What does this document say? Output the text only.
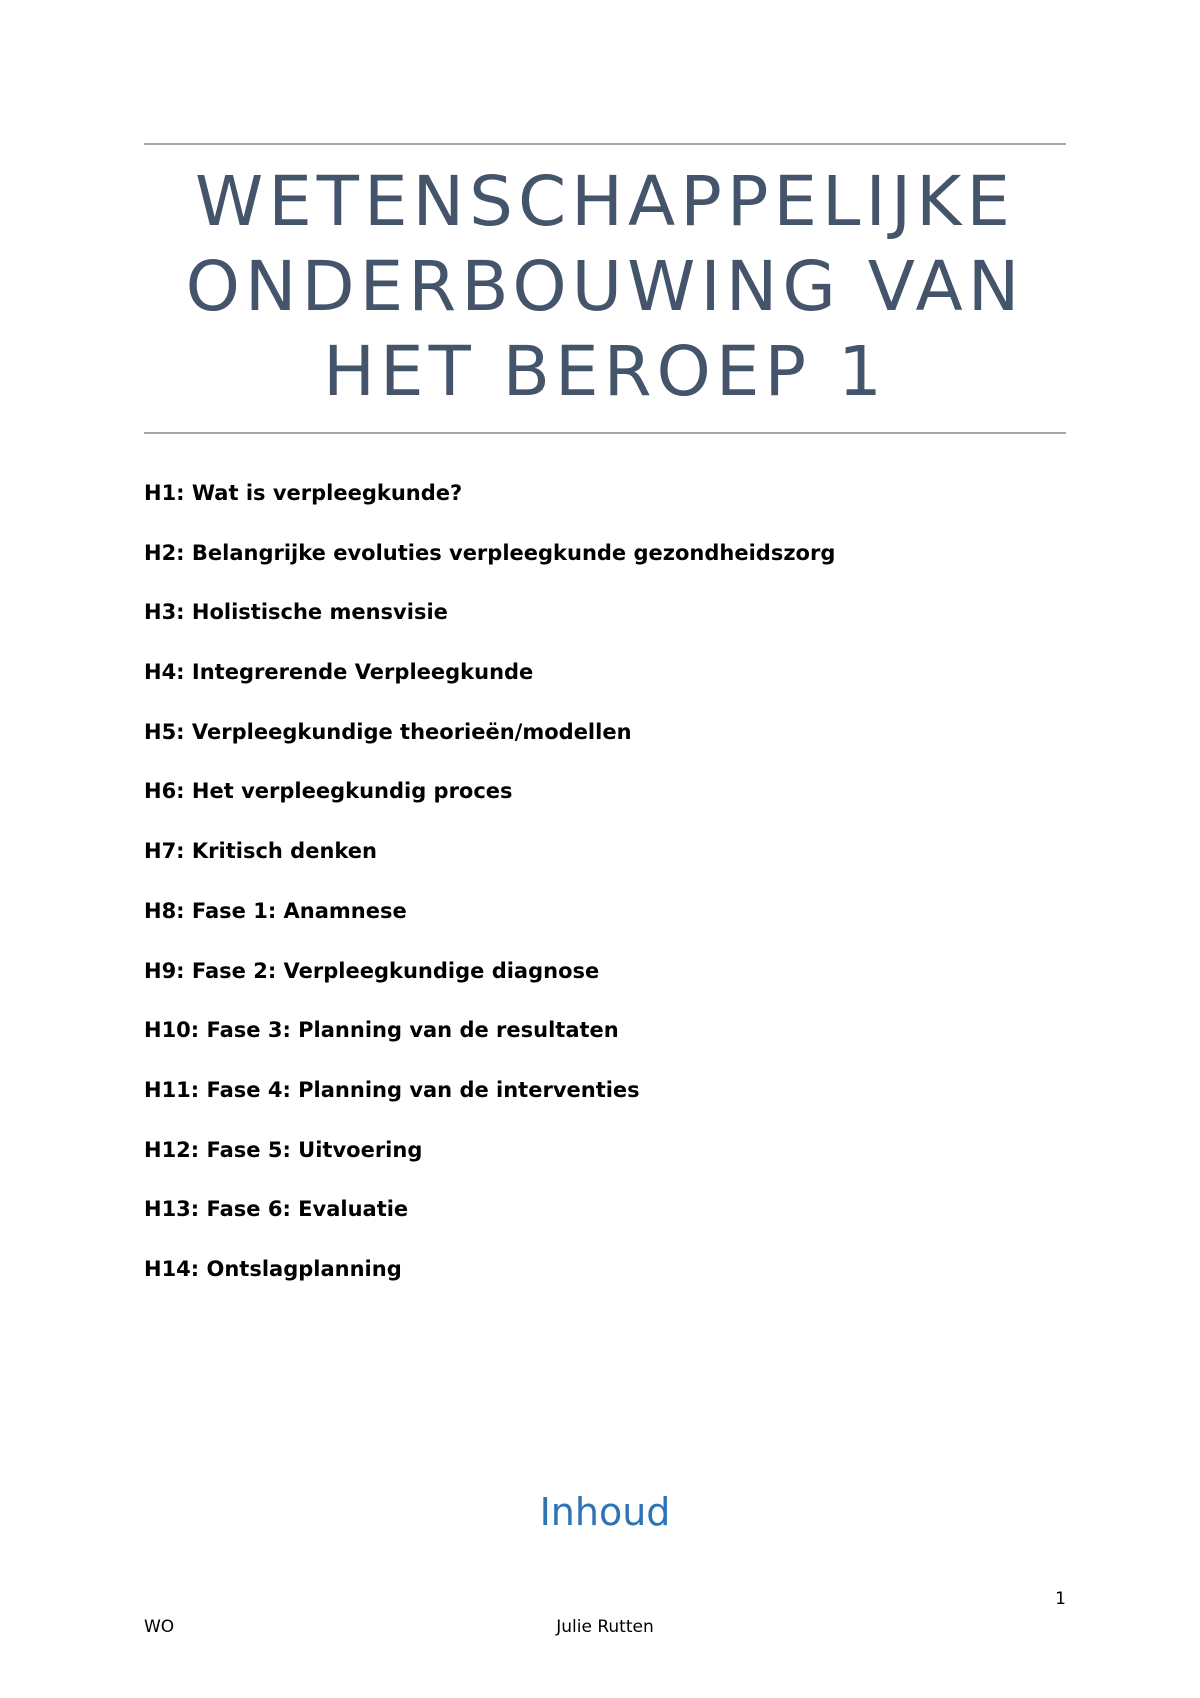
WETENSCHAPPELIJKE
ONDERBOUWING VAN
HET BEROEP 1
H1: Wat is verpleegkunde?
H2: Belangrijke evoluties verpleegkunde gezondheidszorg
H3: Holistische mensvisie
H4: Integrerende Verpleegkunde
H5: Verpleegkundige theorieën/modellen
H6: Het verpleegkundig proces
H7: Kritisch denken
H8: Fase 1: Anamnese
H9: Fase 2: Verpleegkundige diagnose
H10: Fase 3: Planning van de resultaten
H11: Fase 4: Planning van de interventies
H12: Fase 5: Uitvoering
H13: Fase 6: Evaluatie
H14: Ontslagplanning
Inhoud
1
WO	Julie Rutten
